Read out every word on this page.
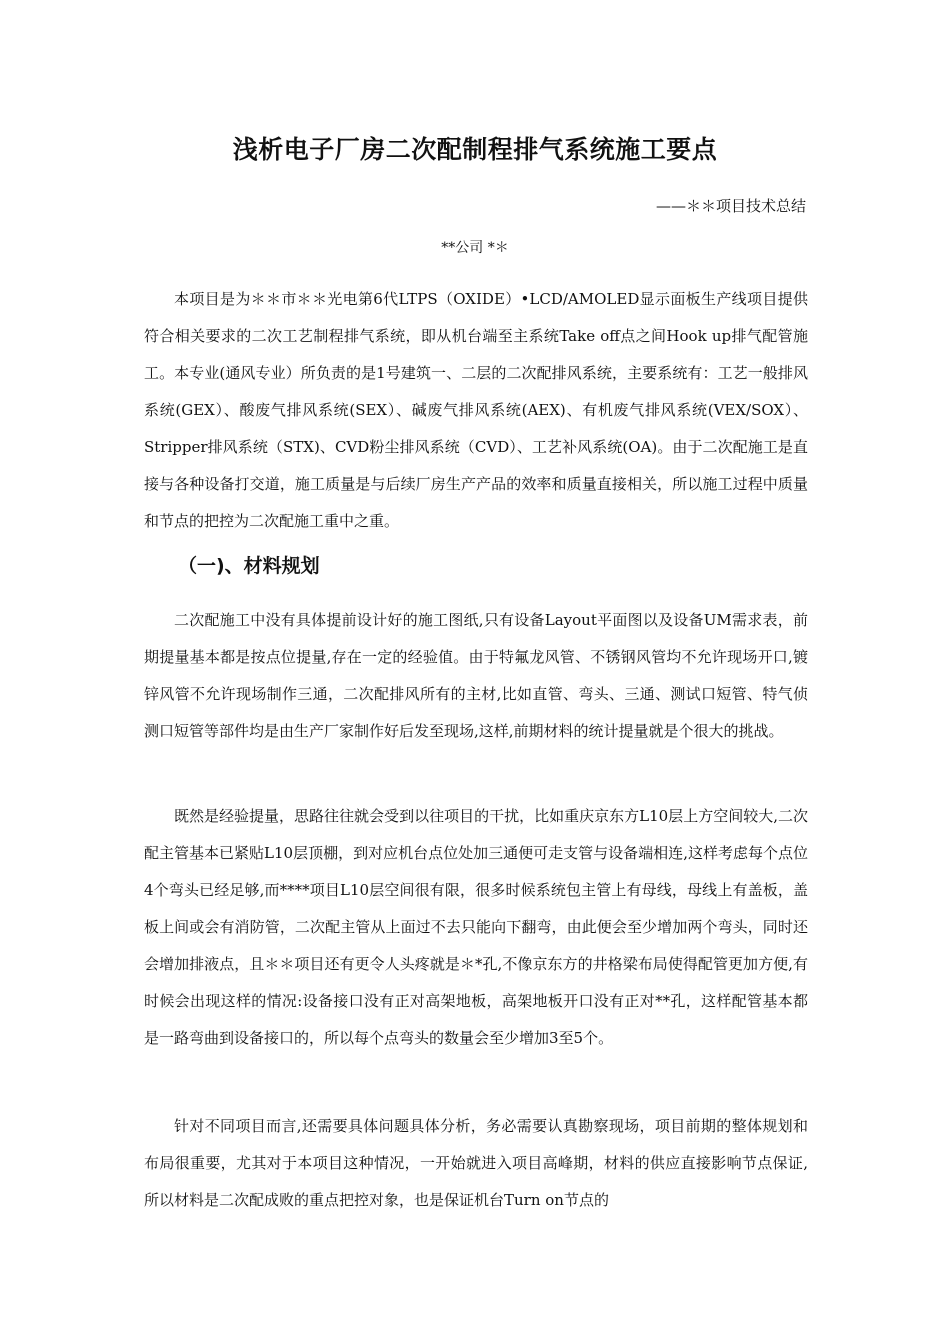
浅析电子厂房二次配制程排气系统施工要点
——＊＊项目技术总结
**公司 *＊

本项目是为＊＊市＊＊光电第6代LTPS（OXIDE）•LCD/AMOLED显示面板生产线项目提供符合相关要求的二次工艺制程排气系统，即从机台端至主系统Take off点之间Hook up排气配管施工。本专业(通风专业）所负责的是1号建筑一、二层的二次配排风系统，主要系统有：工艺一般排风系统(GEX）、酸废气排风系统(SEX）、碱废气排风系统(AEX)、有机废气排风系统(VEX/SOX）、Stripper排风系统（STX)、CVD粉尘排风系统（CVD）、工艺补风系统(OA)。由于二次配施工是直接与各种设备打交道，施工质量是与后续厂房生产产品的效率和质量直接相关，所以施工过程中质量和节点的把控为二次配施工重中之重。

（一)、材料规划

二次配施工中没有具体提前设计好的施工图纸,只有设备Layout平面图以及设备UM需求表，前期提量基本都是按点位提量,存在一定的经验值。由于特氟龙风管、不锈钢风管均不允许现场开口,镀锌风管不允许现场制作三通，二次配排风所有的主材,比如直管、弯头、三通、测试口短管、特气侦测口短管等部件均是由生产厂家制作好后发至现场,这样,前期材料的统计提量就是个很大的挑战。

既然是经验提量，思路往往就会受到以往项目的干扰，比如重庆京东方L10层上方空间较大,二次配主管基本已紧贴L10层顶棚，到对应机台点位处加三通便可走支管与设备端相连,这样考虑每个点位4个弯头已经足够,而****项目L10层空间很有限，很多时候系统包主管上有母线，母线上有盖板，盖板上间或会有消防管，二次配主管从上面过不去只能向下翻弯，由此便会至少增加两个弯头，同时还会增加排液点，且＊＊项目还有更令人头疼就是＊*孔,不像京东方的井格梁布局使得配管更加方便,有时候会出现这样的情况:设备接口没有正对高架地板，高架地板开口没有正对**孔，这样配管基本都是一路弯曲到设备接口的，所以每个点弯头的数量会至少增加3至5个。

针对不同项目而言,还需要具体问题具体分析，务必需要认真勘察现场，项目前期的整体规划和布局很重要，尤其对于本项目这种情况，一开始就进入项目高峰期，材料的供应直接影响节点保证,所以材料是二次配成败的重点把控对象，也是保证机台Turn on节点的
